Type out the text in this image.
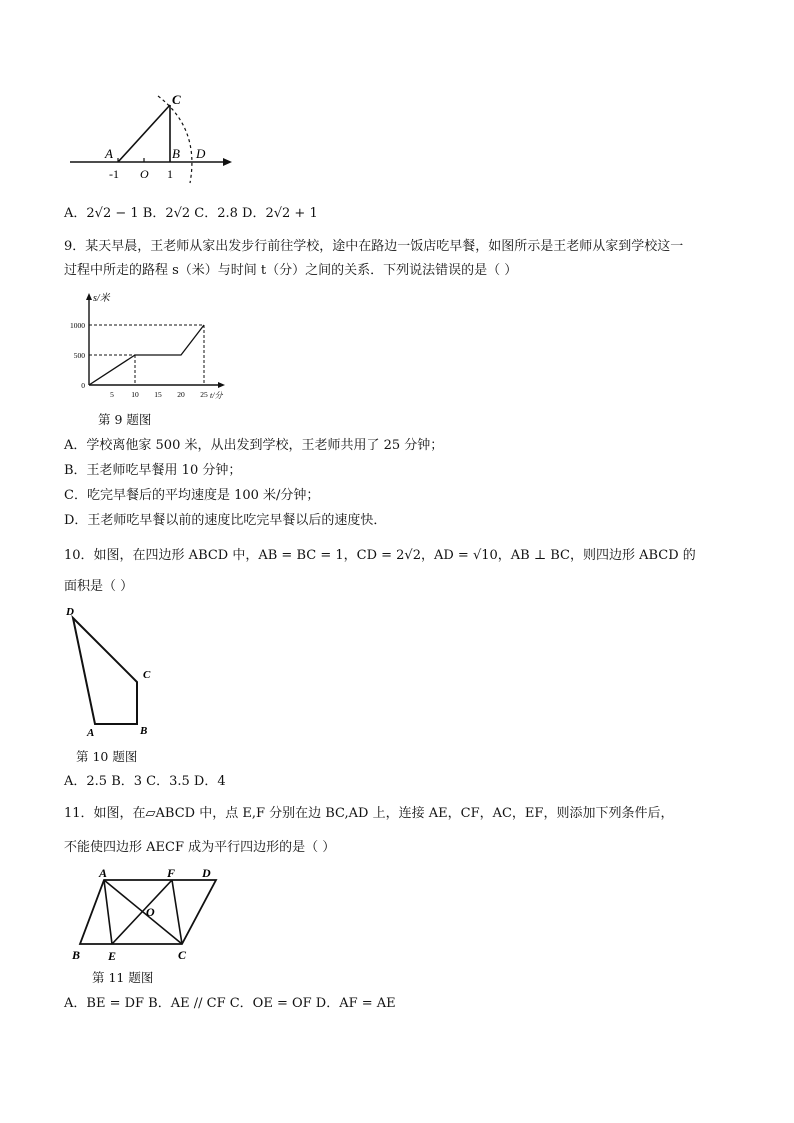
C
A	B D
-1 O 1
A．2√2 − 1 B．2√2 C．2.8 D．2√2 + 1
9．某天早晨，王老师从家出发步行前往学校，途中在路边一饭店吃早餐，如图所示是王老师从家到学校这一
过程中所走的路程 s（米）与时间 t（分）之间的关系．下列说法错误的是（ ）
s/米
t/分
0
500
1000
5 10 15 20 25
第 9 题图
A．学校离他家 500 米，从出发到学校，王老师共用了 25 分钟；
B．王老师吃早餐用 10 分钟；
C．吃完早餐后的平均速度是 100 米/分钟；
D．王老师吃早餐以前的速度比吃完早餐以后的速度快．
10．如图，在四边形 ABCD 中，AB = BC = 1，CD = 2√2，AD = √10，AB ⊥ BC，则四边形 ABCD 的
面积是（ ）
D
C
A	B
第 10 题图
A．2.5 B．3 C．3.5 D．4
11．如图，在▱ABCD 中，点 E,F 分别在边 BC,AD 上，连接 AE，CF，AC，EF，则添加下列条件后，
不能使四边形 AECF 成为平行四边形的是（ ）
A	F D
O
B E	C
第 11 题图
A．BE = DF B．AE // CF C．OE = OF D．AF = AE
